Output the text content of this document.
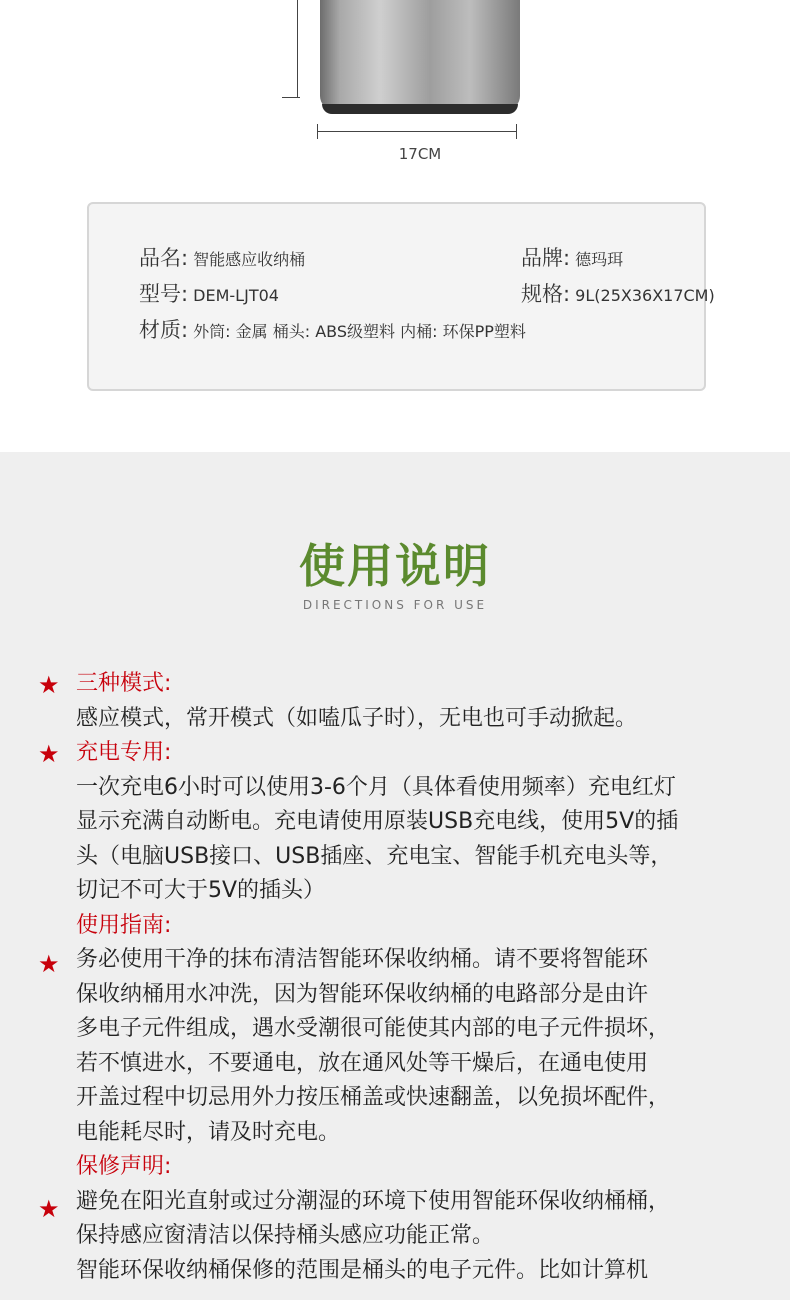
17CM
品名: 智能感应收纳桶	品牌: 德玛珥
型号: DEM-LJT04	规格: 9L(25X36X17CM)
材质: 外筒: 金属 桶头: ABS级塑料 内桶: 环保PP塑料
使用说明
DIRECTIONS FOR USE
★
★
★
★
三种模式:
感应模式，常开模式（如嗑瓜子时），无电也可手动掀起。
充电专用:
一次充电6小时可以使用3-6个月（具体看使用频率）充电红灯
显示充满自动断电。充电请使用原装USB充电线，使用5V的插
头（电脑USB接口、USB插座、充电宝、智能手机充电头等，
切记不可大于5V的插头）
使用指南:
务必使用干净的抹布清洁智能环保收纳桶。请不要将智能环
保收纳桶用水冲洗，因为智能环保收纳桶的电路部分是由许
多电子元件组成，遇水受潮很可能使其内部的电子元件损坏，
若不慎进水，不要通电，放在通风处等干燥后，在通电使用
开盖过程中切忌用外力按压桶盖或快速翻盖，以免损坏配件，
电能耗尽时，请及时充电。
保修声明:
避免在阳光直射或过分潮湿的环境下使用智能环保收纳桶桶，
保持感应窗清洁以保持桶头感应功能正常。
智能环保收纳桶保修的范围是桶头的电子元件。比如计算机
